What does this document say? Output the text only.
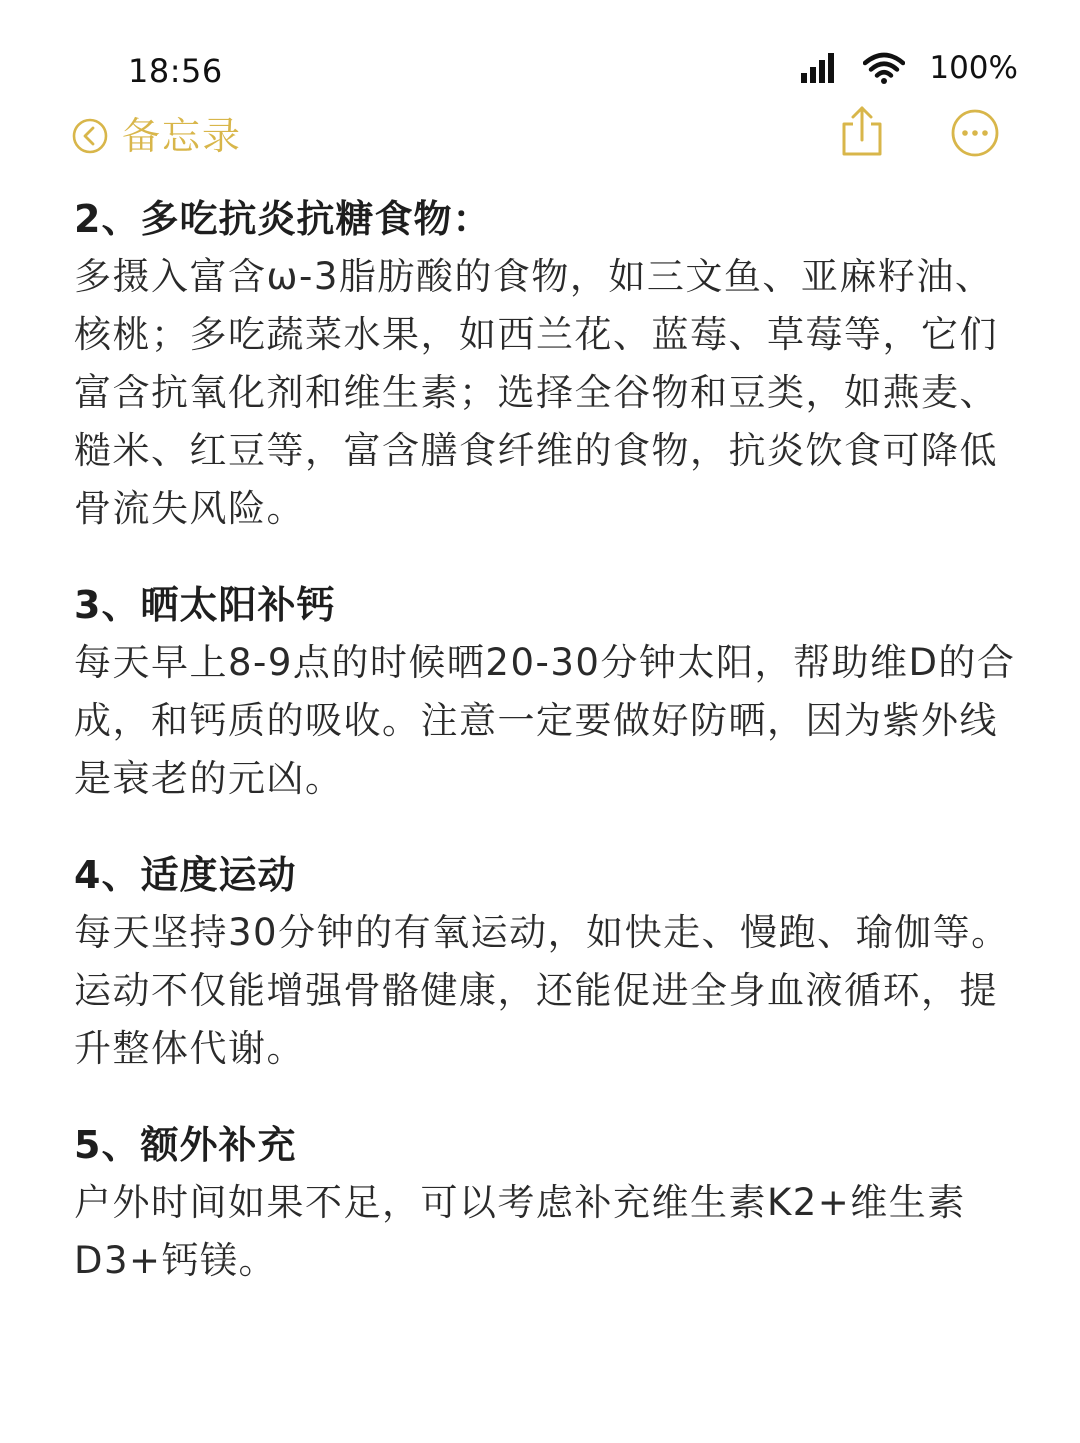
18:56	100%
备忘录

2、多吃抗炎抗糖食物：

多摄入富含ω-3脂肪酸的食物，如三文鱼、亚麻籽油、核桃；多吃蔬菜水果，如西兰花、蓝莓、草莓等，它们富含抗氧化剂和维生素；选择全谷物和豆类，如燕麦、糙米、红豆等，富含膳食纤维的食物，抗炎饮食可降低骨流失风险。

3、晒太阳补钙

每天早上8-9点的时候晒20-30分钟太阳，帮助维D的合成，和钙质的吸收。注意一定要做好防晒，因为紫外线是衰老的元凶。

4、适度运动

每天坚持30分钟的有氧运动，如快走、慢跑、瑜伽等。运动不仅能增强骨骼健康，还能促进全身血液循环，提升整体代谢。

5、额外补充

户外时间如果不足，可以考虑补充维生素K2+维生素D3+钙镁。
